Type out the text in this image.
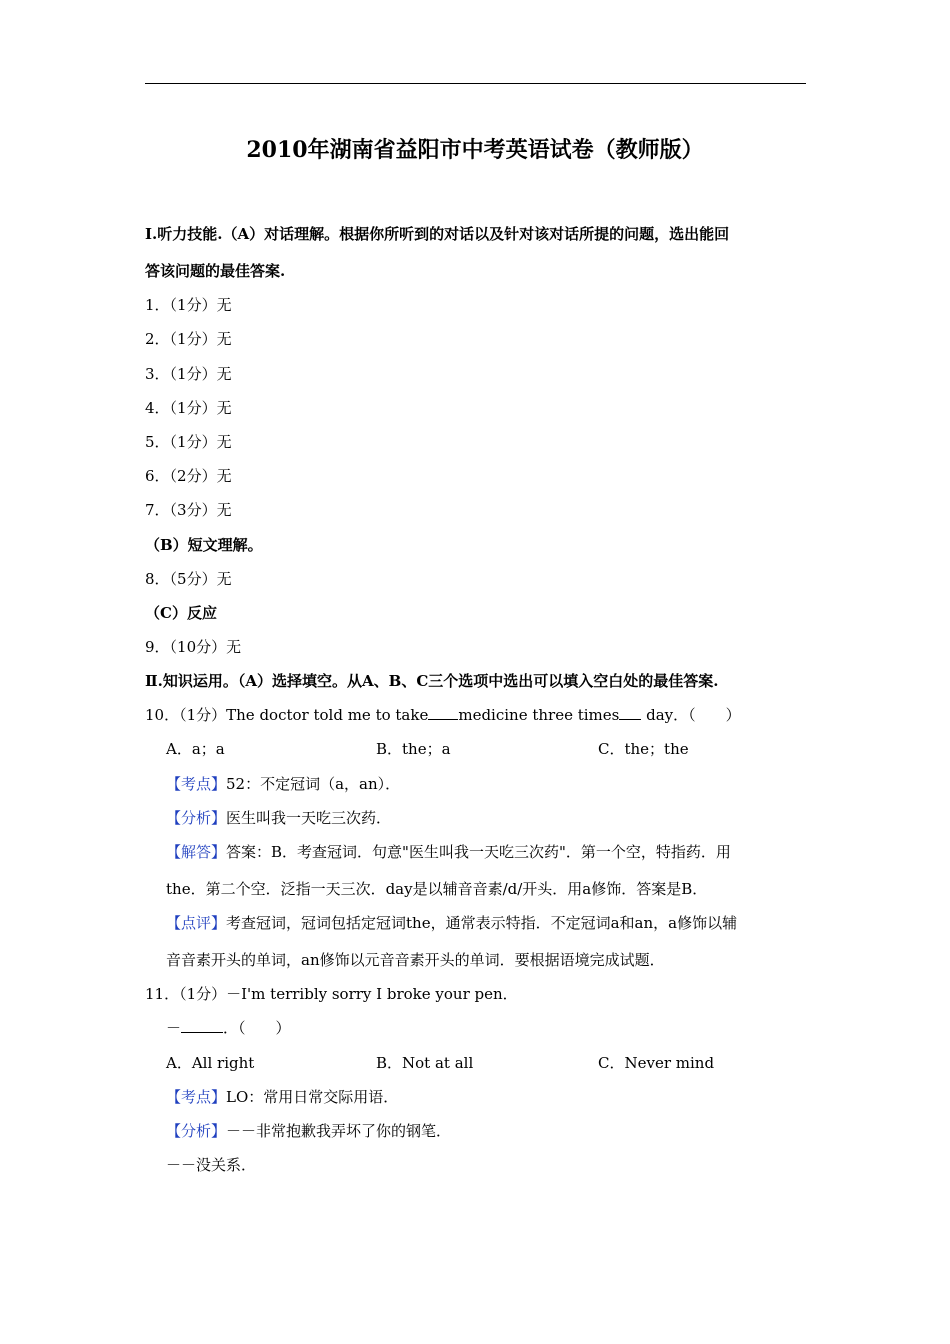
2010年湖南省益阳市中考英语试卷（教师版）
Ⅰ.听力技能.（A）对话理解。根据你所听到的对话以及针对该对话所提的问题，选出能回
答该问题的最佳答案.
1．（1分）无
2．（1分）无
3．（1分）无
4．（1分）无
5．（1分）无
6．（2分）无
7．（3分）无
（B）短文理解。
8．（5分）无
（C）反应
9．（10分）无
Ⅱ.知识运用。（A）选择填空。从A、B、C三个选项中选出可以填入空白处的最佳答案.
10．（1分）The doctor told me to take medicine three times day．（　　）
A．a；a	B．the；a	C．the；the
【考点】52：不定冠词（a，an）．
【分析】医生叫我一天吃三次药．
【解答】答案：B．考查冠词．句意"医生叫我一天吃三次药"．第一个空，特指药．用
the．第二个空．泛指一天三次．day是以辅音音素/d/开头．用a修饰．答案是B．
【点评】考查冠词，冠词包括定冠词the，通常表示特指．不定冠词a和an，a修饰以辅
音音素开头的单词，an修饰以元音音素开头的单词．要根据语境完成试题．
11．（1分）－I'm terribly sorry I broke your pen．
－	．（　　）
A．All right	B．Not at all	C．Never mind
【考点】LO：常用日常交际用语．
【分析】－－非常抱歉我弄坏了你的钢笔．
－－没关系．
